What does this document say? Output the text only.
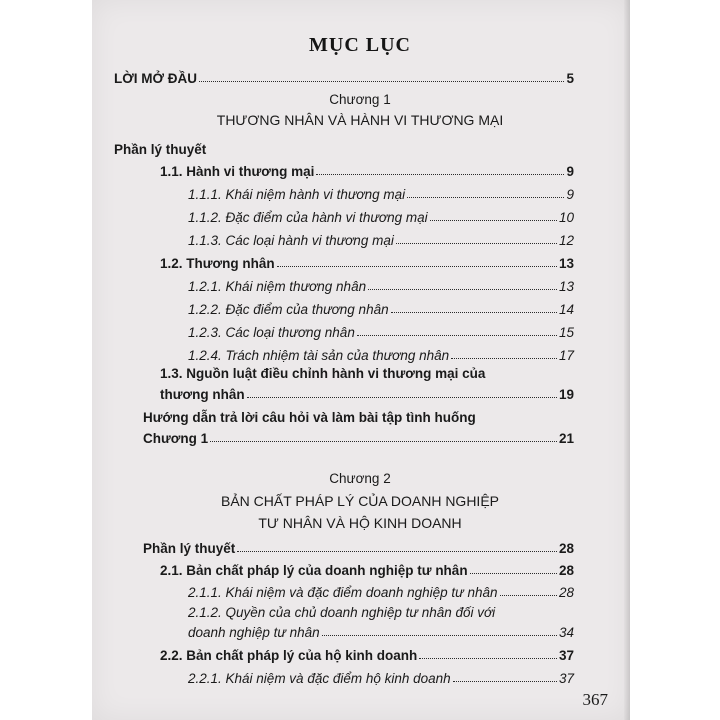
MỤC LỤC
LỜI MỞ ĐẦU	5
Chương 1
THƯƠNG NHÂN VÀ HÀNH VI THƯƠNG MẠI
Phần lý thuyết
1.1. Hành vi thương mại	9
1.1.1. Khái niệm hành vi thương mại	9
1.1.2. Đặc điểm của hành vi thương mại	10
1.1.3. Các loại hành vi thương mại	12
1.2. Thương nhân	13
1.2.1. Khái niệm thương nhân	13
1.2.2. Đặc điểm của thương nhân	14
1.2.3. Các loại thương nhân	15
1.2.4. Trách nhiệm tài sản của thương nhân	17
1.3. Nguồn luật điều chỉnh hành vi thương mại của
thương nhân	19
Hướng dẫn trả lời câu hỏi và làm bài tập tình huống
Chương 1	21
Chương 2
BẢN CHẤT PHÁP LÝ CỦA DOANH NGHIỆP
TƯ NHÂN VÀ HỘ KINH DOANH
Phần lý thuyết	28
2.1. Bản chất pháp lý của doanh nghiệp tư nhân	28
2.1.1. Khái niệm và đặc điểm doanh nghiệp tư nhân	28
2.1.2. Quyền của chủ doanh nghiệp tư nhân đối với
doanh nghiệp tư nhân	34
2.2. Bản chất pháp lý của hộ kinh doanh	37
2.2.1. Khái niệm và đặc điểm hộ kinh doanh	37
367
